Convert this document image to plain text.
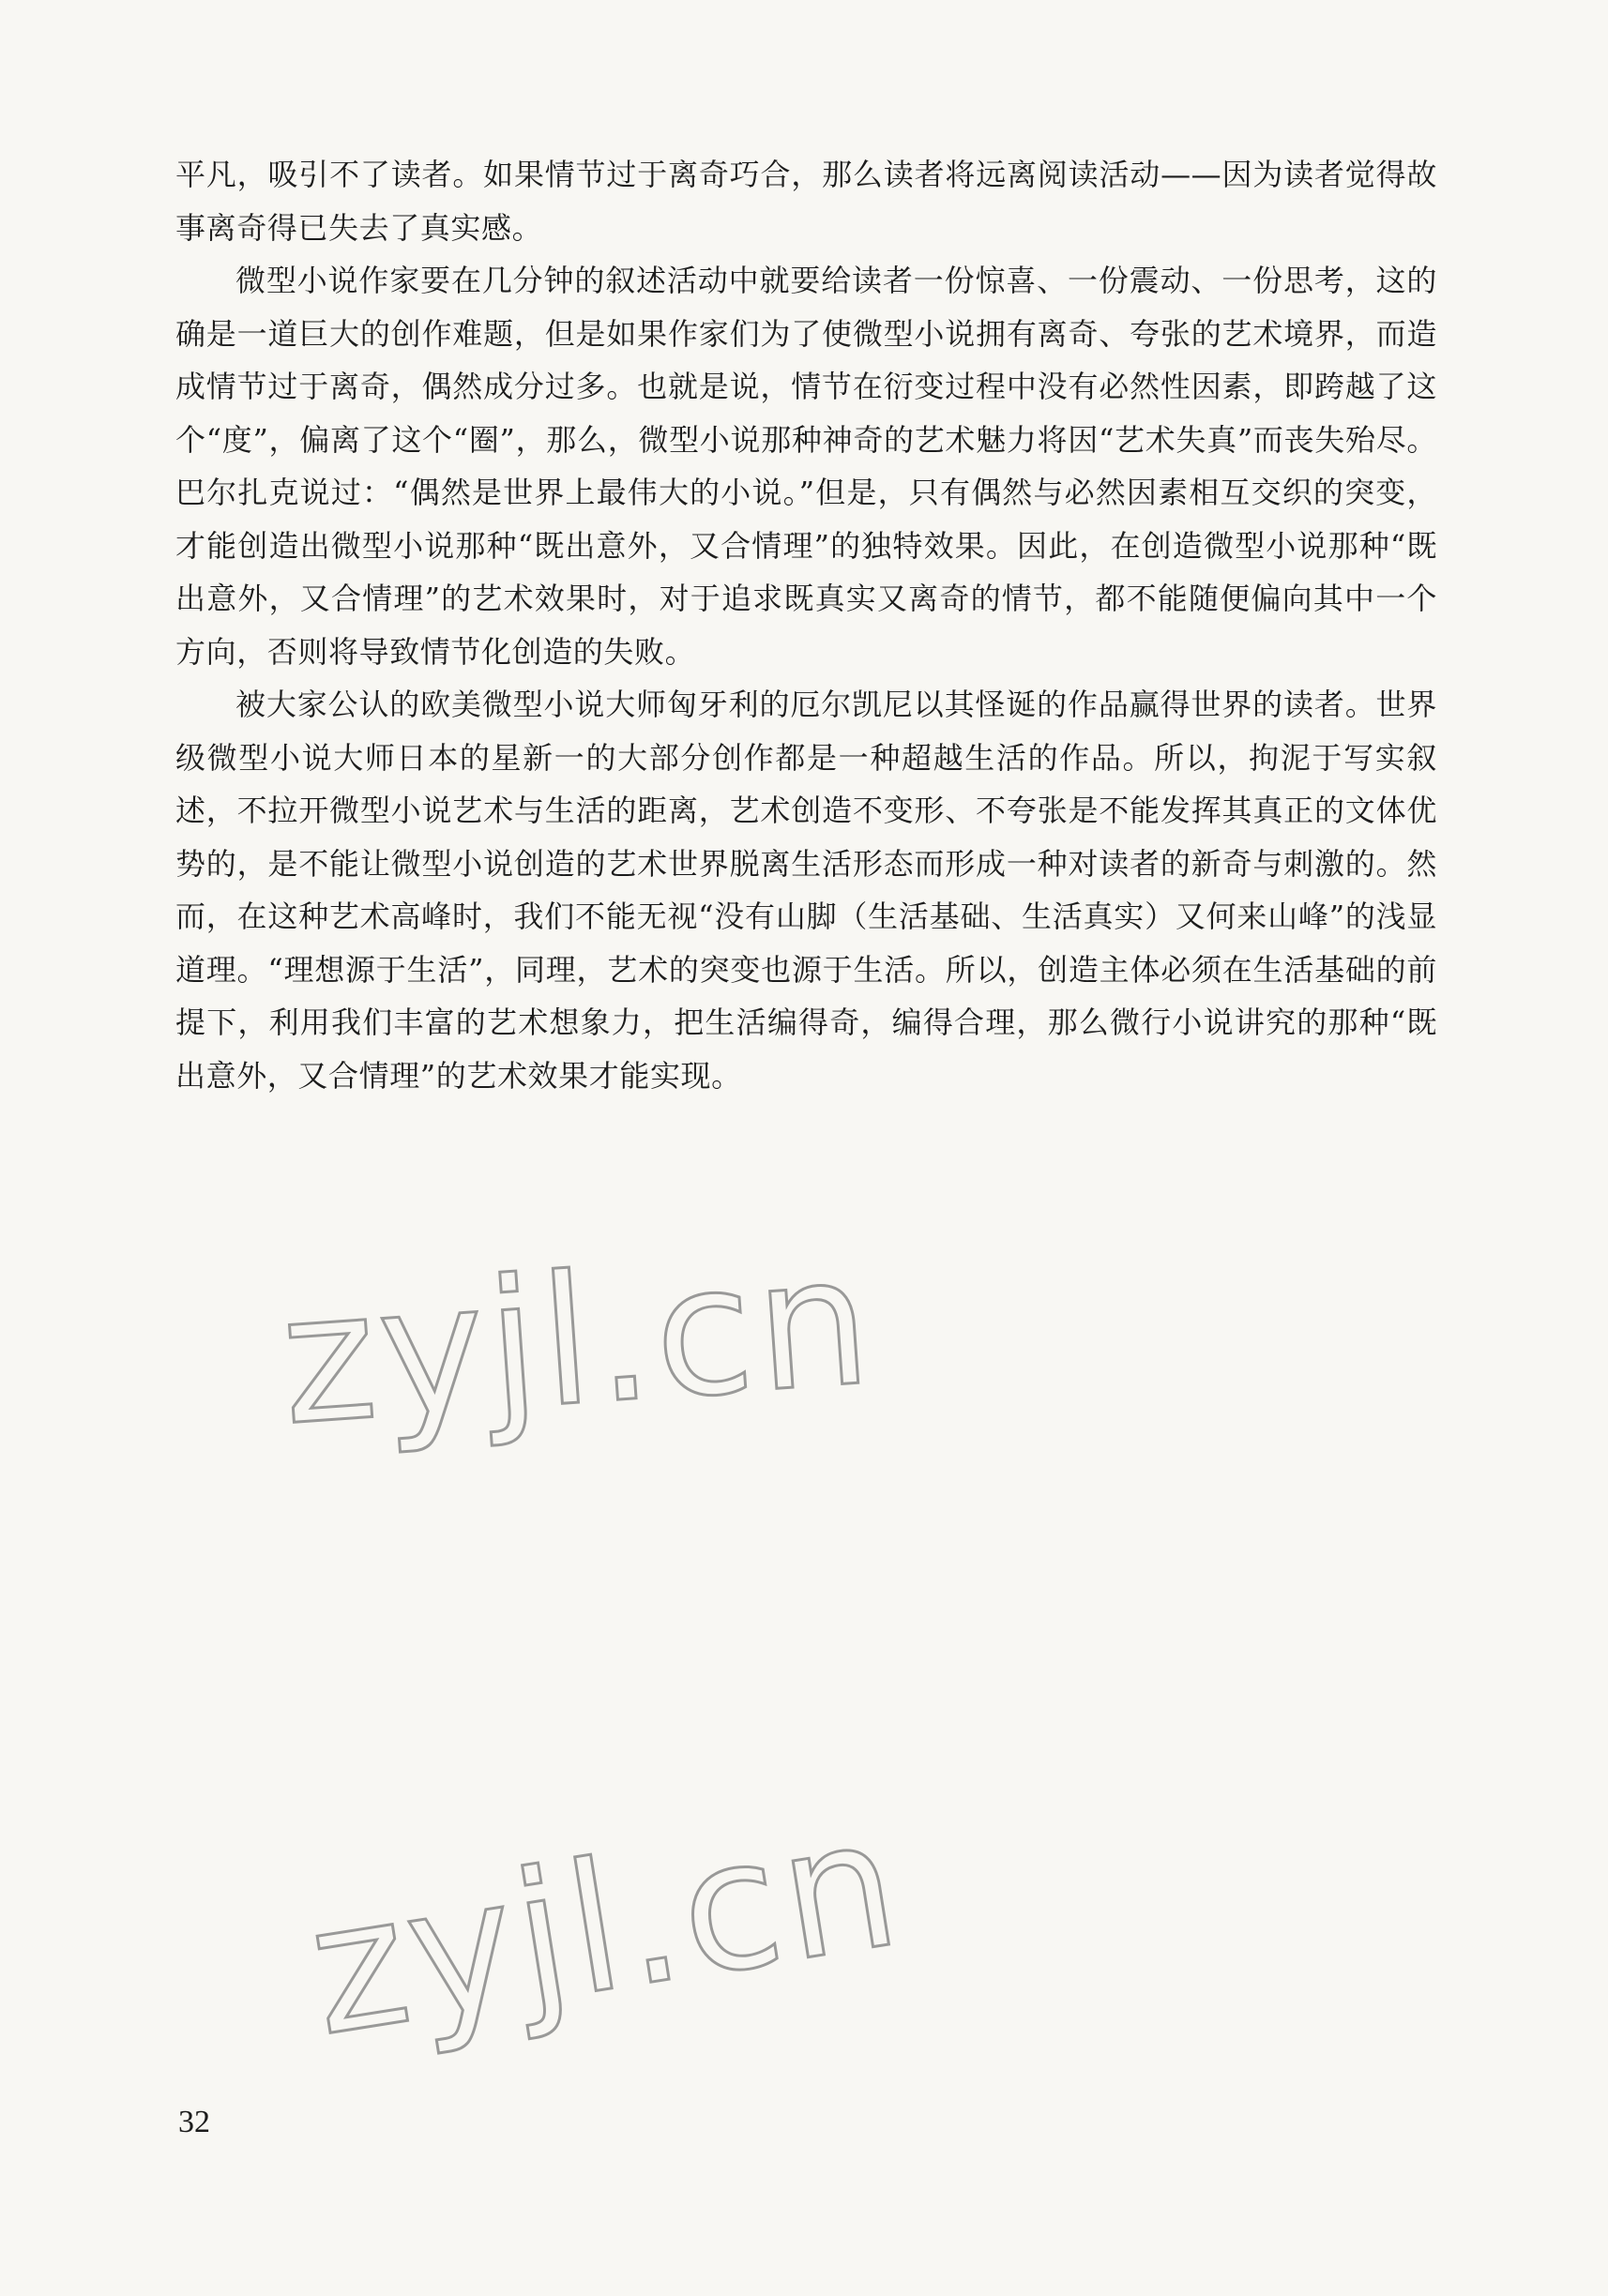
平凡，吸引不了读者。如果情节过于离奇巧合，那么读者将远离阅读活动——因为读者觉得故事离奇得已失去了真实感。

微型小说作家要在几分钟的叙述活动中就要给读者一份惊喜、一份震动、一份思考，这的确是一道巨大的创作难题，但是如果作家们为了使微型小说拥有离奇、夸张的艺术境界，而造成情节过于离奇，偶然成分过多。也就是说，情节在衍变过程中没有必然性因素，即跨越了这个“度”，偏离了这个“圈”，那么，微型小说那种神奇的艺术魅力将因“艺术失真”而丧失殆尽。巴尔扎克说过：“偶然是世界上最伟大的小说。”但是，只有偶然与必然因素相互交织的突变，才能创造出微型小说那种“既出意外，又合情理”的独特效果。因此，在创造微型小说那种“既出意外，又合情理”的艺术效果时，对于追求既真实又离奇的情节，都不能随便偏向其中一个方向，否则将导致情节化创造的失败。

被大家公认的欧美微型小说大师匈牙利的厄尔凯尼以其怪诞的作品赢得世界的读者。世界级微型小说大师日本的星新一的大部分创作都是一种超越生活的作品。所以，拘泥于写实叙述，不拉开微型小说艺术与生活的距离，艺术创造不变形、不夸张是不能发挥其真正的文体优势的，是不能让微型小说创造的艺术世界脱离生活形态而形成一种对读者的新奇与刺激的。然而，在这种艺术高峰时，我们不能无视“没有山脚（生活基础、生活真实）又何来山峰”的浅显道理。“理想源于生活”，同理，艺术的突变也源于生活。所以，创造主体必须在生活基础的前提下，利用我们丰富的艺术想象力，把生活编得奇，编得合理，那么微行小说讲究的那种“既出意外，又合情理”的艺术效果才能实现。

zyjl.cn
zyjl.cn
32
